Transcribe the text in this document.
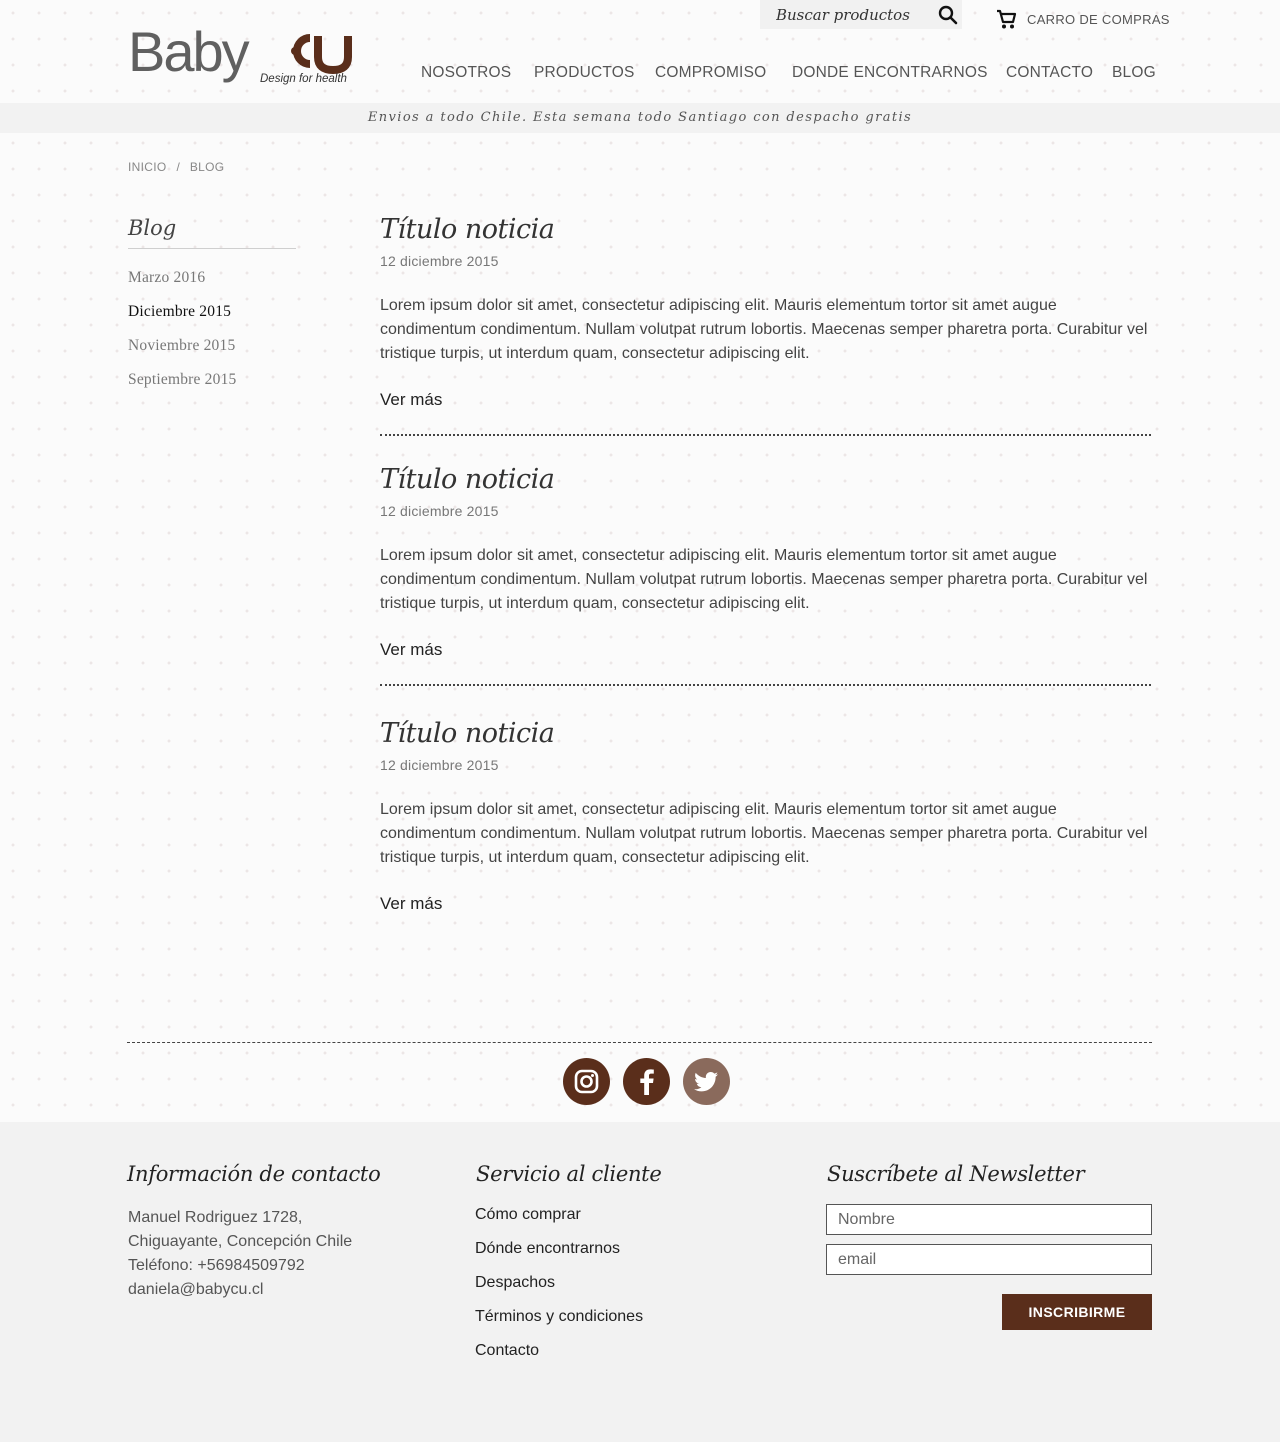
Baby Design for health
Buscar productos
CARRO DE COMPRAS
NOSOTROS PRODUCTOS COMPROMISO DONDE ENCONTRARNOS CONTACTO BLOG
Envios a todo Chile. Esta semana todo Santiago con despacho gratis
INICIO / BLOG
Blog
Marzo 2016
Diciembre 2015
Noviembre 2015
Septiembre 2015
Título noticia
12 diciembre 2015

Lorem ipsum dolor sit amet, consectetur adipiscing elit. Mauris elementum tortor sit amet augue condimentum condimentum. Nullam volutpat rutrum lobortis. Maecenas semper pharetra porta. Curabitur vel tristique turpis, ut interdum quam, consectetur adipiscing elit.

Ver más
Título noticia
12 diciembre 2015

Lorem ipsum dolor sit amet, consectetur adipiscing elit. Mauris elementum tortor sit amet augue condimentum condimentum. Nullam volutpat rutrum lobortis. Maecenas semper pharetra porta. Curabitur vel tristique turpis, ut interdum quam, consectetur adipiscing elit.

Ver más
Título noticia
12 diciembre 2015

Lorem ipsum dolor sit amet, consectetur adipiscing elit. Mauris elementum tortor sit amet augue condimentum condimentum. Nullam volutpat rutrum lobortis. Maecenas semper pharetra porta. Curabitur vel tristique turpis, ut interdum quam, consectetur adipiscing elit.

Ver más
Información de contacto
Manuel Rodriguez 1728,
Chiguayante, Concepción Chile
Teléfono: +56984509792
daniela@babycu.cl
Servicio al cliente
Cómo comprar
Dónde encontrarnos
Despachos
Términos y condiciones
Contacto
Suscríbete al Newsletter
Nombre
email
INSCRIBIRME
